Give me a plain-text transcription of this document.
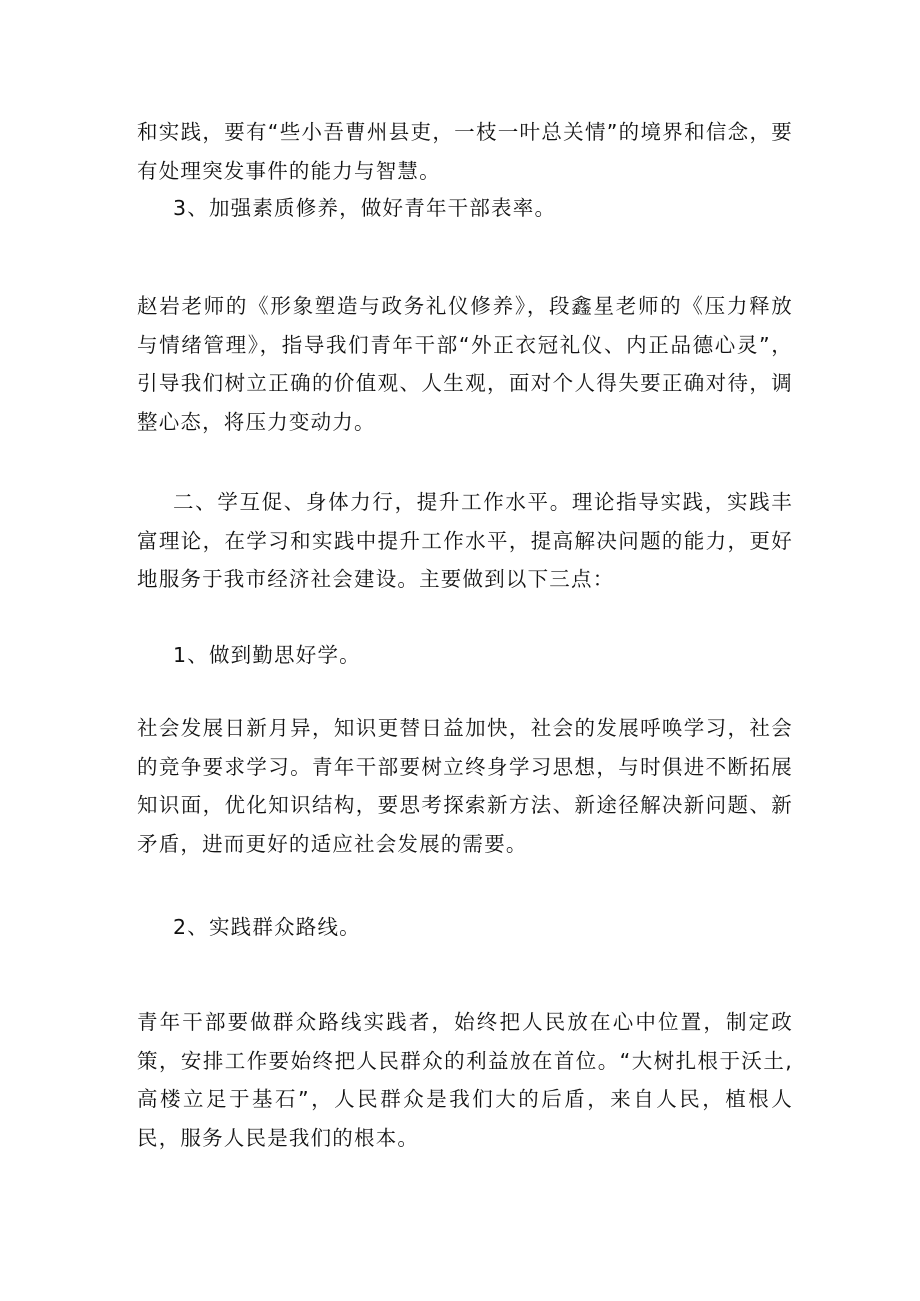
和实践，要有“些小吾曹州县吏，一枝一叶总关情”的境界和信念，要有处理突发事件的能力与智慧。
3、加强素质修养，做好青年干部表率。
赵岩老师的《形象塑造与政务礼仪修养》，段鑫星老师的《压力释放与情绪管理》，指导我们青年干部“外正衣冠礼仪、内正品德心灵”，引导我们树立正确的价值观、人生观，面对个人得失要正确对待，调整心态，将压力变动力。
二、学互促、身体力行，提升工作水平。理论指导实践，实践丰富理论，在学习和实践中提升工作水平，提高解决问题的能力，更好地服务于我市经济社会建设。主要做到以下三点：
1、做到勤思好学。
社会发展日新月异，知识更替日益加快，社会的发展呼唤学习，社会的竞争要求学习。青年干部要树立终身学习思想，与时俱进不断拓展知识面，优化知识结构，要思考探索新方法、新途径解决新问题、新矛盾，进而更好的适应社会发展的需要。
2、实践群众路线。
青年干部要做群众路线实践者，始终把人民放在心中位置，制定政策，安排工作要始终把人民群众的利益放在首位。“大树扎根于沃土,高楼立足于基石”，人民群众是我们大的后盾，来自人民，植根人民，服务人民是我们的根本。
